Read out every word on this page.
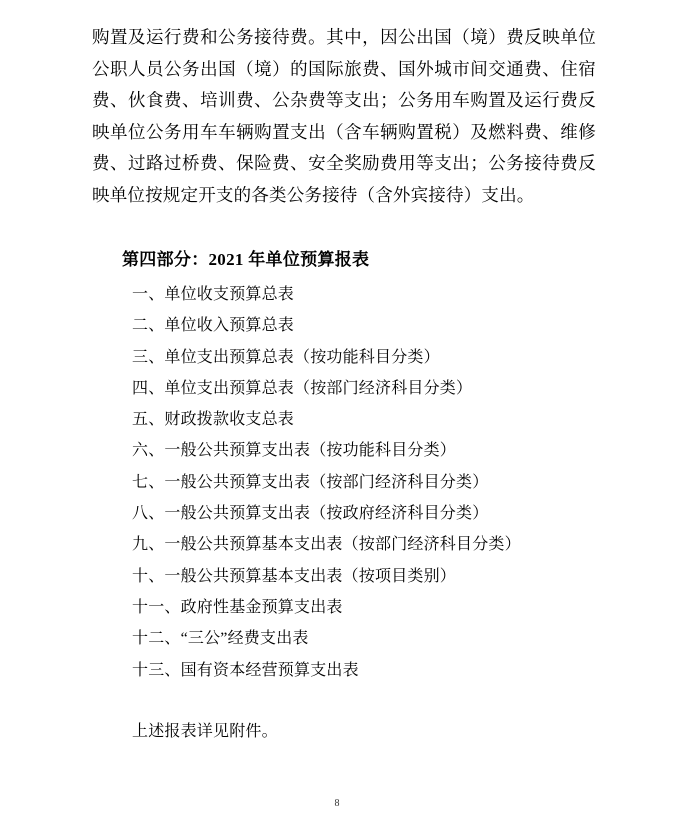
购置及运行费和公务接待费。其中，因公出国（境）费反映单位公职人员公务出国（境）的国际旅费、国外城市间交通费、住宿费、伙食费、培训费、公杂费等支出；公务用车购置及运行费反映单位公务用车车辆购置支出（含车辆购置税）及燃料费、维修费、过路过桥费、保险费、安全奖励费用等支出；公务接待费反映单位按规定开支的各类公务接待（含外宾接待）支出。

第四部分：2021 年单位预算报表
一、单位收支预算总表
二、单位收入预算总表
三、单位支出预算总表（按功能科目分类）
四、单位支出预算总表（按部门经济科目分类）
五、财政拨款收支总表
六、一般公共预算支出表（按功能科目分类）
七、一般公共预算支出表（按部门经济科目分类）
八、一般公共预算支出表（按政府经济科目分类）
九、一般公共预算基本支出表（按部门经济科目分类）
十、一般公共预算基本支出表（按项目类别）
十一、政府性基金预算支出表
十二、“三公”经费支出表
十三、国有资本经营预算支出表
上述报表详见附件。
8
